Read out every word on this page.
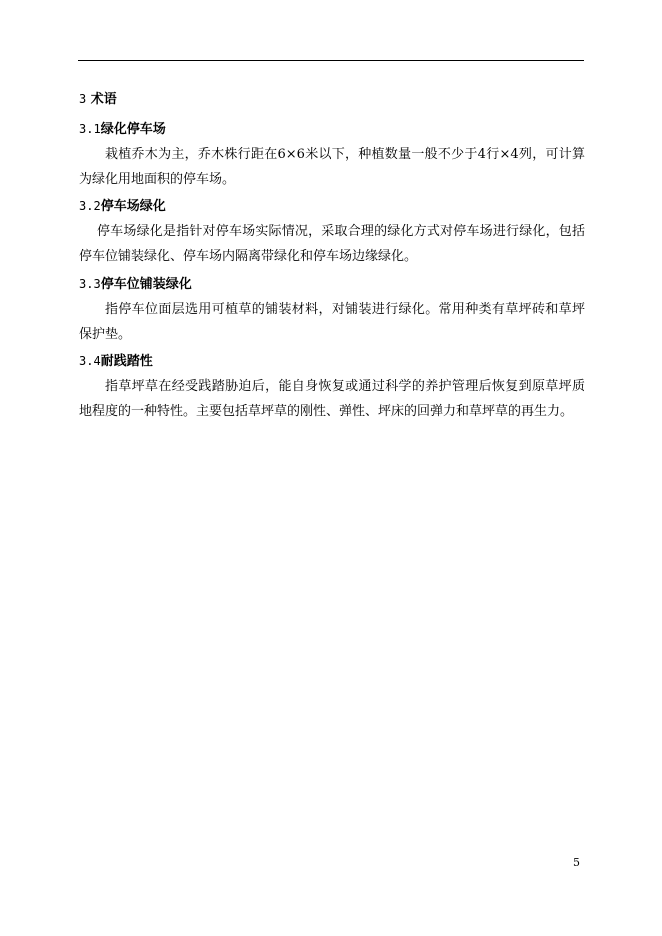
3 术语
3.1绿化停车场
栽植乔木为主，乔木株行距在6×6米以下，种植数量一般不少于4行×4列，可计算为绿化用地面积的停车场。
3.2停车场绿化
停车场绿化是指针对停车场实际情况，采取合理的绿化方式对停车场进行绿化，包括停车位铺装绿化、停车场内隔离带绿化和停车场边缘绿化。
3.3停车位铺装绿化
指停车位面层选用可植草的铺装材料，对铺装进行绿化。常用种类有草坪砖和草坪保护垫。
3.4耐践踏性
指草坪草在经受践踏胁迫后，能自身恢复或通过科学的养护管理后恢复到原草坪质地程度的一种特性。主要包括草坪草的刚性、弹性、坪床的回弹力和草坪草的再生力。
5
